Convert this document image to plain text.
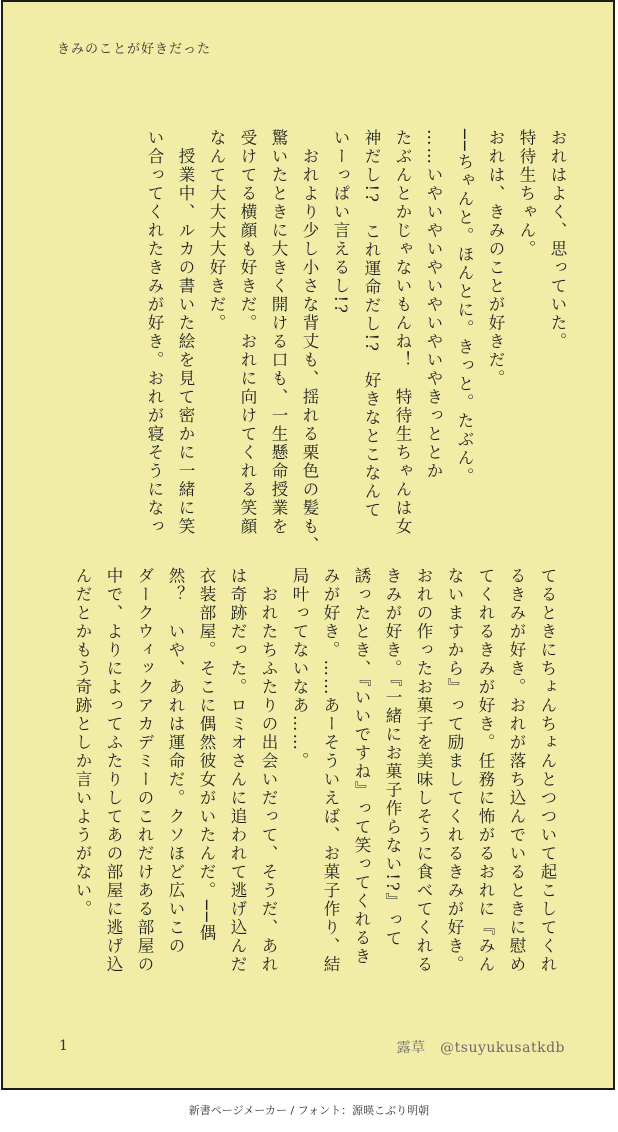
きみのことが好きだった
おれはよく、思っていた。
特待生ちゃん。
おれは、きみのことが好きだ。
──ちゃんと。ほんとに。きっと。たぶん。
……いやいやいやいやいやいやきっととか
たぶんとかじゃないもんね！　特待生ちゃんは女
神だし!?　これ運命だし!?　好きなとこなんて
いーっぱい言えるし!?
　おれより少し小さな背丈も、揺れる栗色の髪も、
驚いたときに大きく開ける口も、一生懸命授業を
受けてる横顔も好きだ。おれに向けてくれる笑顔
なんて大大大大好きだ。
　授業中、ルカの書いた絵を見て密かに一緒に笑
い合ってくれたきみが好き。おれが寝そうになっ
てるときにちょんちょんとつついて起こしてくれ
るきみが好き。おれが落ち込んでいるときに慰め
てくれるきみが好き。任務に怖がるおれに『みん
ないますから』って励ましてくれるきみが好き。
おれの作ったお菓子を美味しそうに食べてくれる
きみが好き。『一緒にお菓子作らない!?』って
誘ったとき、『いいですね』って笑ってくれるき
みが好き。……あーそういえば、お菓子作り、結
局叶ってないなあ……。
　おれたちふたりの出会いだって、そうだ、あれ
は奇跡だった。ロミオさんに追われて逃げ込んだ
衣装部屋。そこに偶然彼女がいたんだ。──偶
然？　いや、あれは運命だ。クソほど広いこの
ダークウィックアカデミーのこれだけある部屋の
中で、よりによってふたりしてあの部屋に逃げ込
んだとかもう奇跡としか言いようがない。
1	露草　@tsuyukusatkdb
新書ページメーカー / フォント：源暎こぶり明朝
